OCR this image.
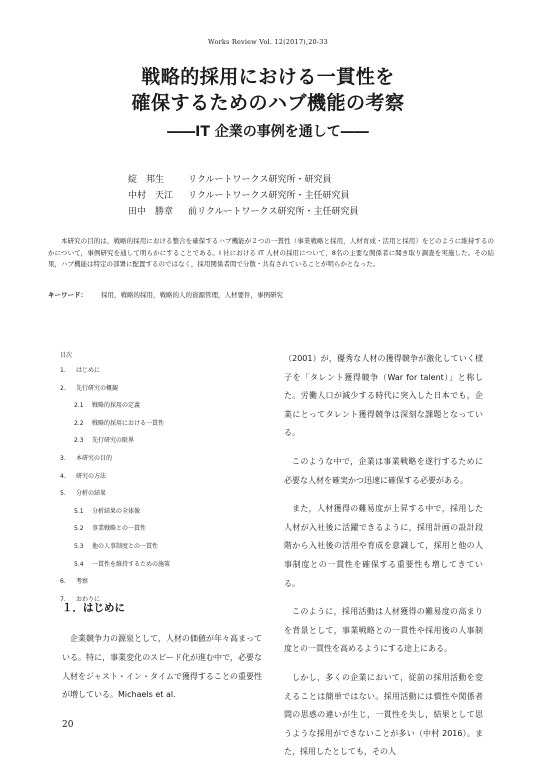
Works Review Vol. 12(2017),20-33
戦略的採用における一貫性を
確保するためのハブ機能の考察
――IT 企業の事例を通して――
綻　邦生	リクルートワークス研究所・研究員
中村　天江 リクルートワークス研究所・主任研究員
田中　勝章 前リクルートワークス研究所・主任研究員
本研究の目的は，戦略的採用における整合を確保するハブ機能が２つの一貫性（事業戦略と採用，人材育成・活用と採用）をどのように維持するのかについて，事例研究を通して明らかにすることである。I 社における IT 人材の採用について，8名の主要な関係者に聞き取り調査を実施した。その結果，ハブ機能は特定の部署に配置するのではなく，採用関係者間で分散・共有されていることが明らかとなった。
キーワード： 採用，戦略的採用，戦略的人的資源管理，人材要件，事例研究
目次
1. はじめに
2. 先行研究の概観
2.1 戦略的採用の定義
2.2 戦略的採用における一貫性
2.3 先行研究の限界
3. 本研究の目的
4. 研究の方法
5. 分析の結果
5.1 分析結果の全体像
5.2 事業戦略との一貫性
5.3 他の人事制度との一貫性
5.4 一貫性を維持するための施策
6. 考察
7. おわりに
１．はじめに
企業競争力の源泉として，人材の価値が年々高まっている。特に，事業変化のスピード化が進む中で，必要な人材をジャスト・イン・タイムで獲得することの重要性が増している。Michaels et al.

（2001）が，優秀な人材の獲得競争が激化していく様子を「タレント獲得競争（War for talent）」と称した。労働人口が減少する時代に突入した日本でも，企業にとってタレント獲得競争は深刻な課題となっている。

このような中で，企業は事業戦略を遂行するために必要な人材を確実かつ迅速に確保する必要がある。

また，人材獲得の難易度が上昇する中で，採用した人材が入社後に活躍できるように，採用計画の設計段階から入社後の活用や育成を意識して，採用と他の人事制度との一貫性を確保する重要性も増してきている。

このように，採用活動は人材獲得の難易度の高まりを背景として，事業戦略との一貫性や採用後の人事制度との一貫性を高めるようにする途上にある。

しかし，多くの企業において，従前の採用活動を変えることは簡単ではない。採用活動には慣性や関係者間の思惑の違いが生じ，一貫性を失し，結果として思うような採用ができないことが多い（中村 2016）。また，採用したとしても，その人

20
